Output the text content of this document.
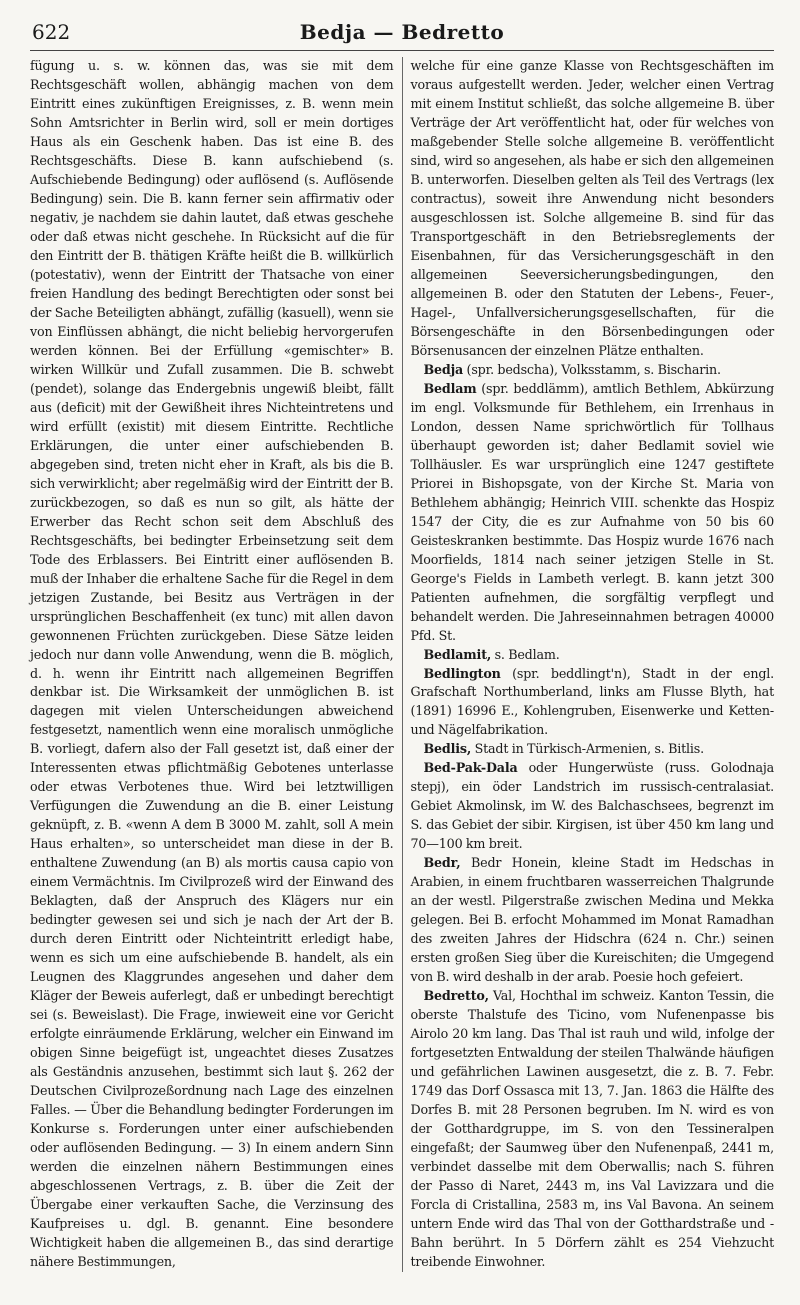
622	Bedja — Bedretto

fügung u. s. w. können das, was sie mit dem Rechtsgeschäft wollen, abhängig machen von dem Eintritt eines zukünftigen Ereignisses, z. B. wenn mein Sohn Amtsrichter in Berlin wird, soll er mein dortiges Haus als ein Geschenk haben. Das ist eine B. des Rechtsgeschäfts. Diese B. kann aufschiebend (s. Aufschiebende Bedingung) oder auflösend (s. Auflösende Bedingung) sein. Die B. kann ferner sein affirmativ oder negativ, je nachdem sie dahin lautet, daß etwas geschehe oder daß etwas nicht geschehe. In Rücksicht auf die für den Eintritt der B. thätigen Kräfte heißt die B. willkürlich (potestativ), wenn der Eintritt der Thatsache von einer freien Handlung des bedingt Berechtigten oder sonst bei der Sache Beteiligten abhängt, zufällig (kasuell), wenn sie von Einflüssen abhängt, die nicht beliebig hervorgerufen werden können. Bei der Erfüllung «gemischter» B. wirken Willkür und Zufall zusammen. Die B. schwebt (pendet), solange das Endergebnis ungewiß bleibt, fällt aus (deficit) mit der Gewißheit ihres Nichteintretens und wird erfüllt (existit) mit diesem Eintritte. Rechtliche Erklärungen, die unter einer aufschiebenden B. abgegeben sind, treten nicht eher in Kraft, als bis die B. sich verwirklicht; aber regelmäßig wird der Eintritt der B. zurückbezogen, so daß es nun so gilt, als hätte der Erwerber das Recht schon seit dem Abschluß des Rechtsgeschäfts, bei bedingter Erbeinsetzung seit dem Tode des Erblassers. Bei Eintritt einer auflösenden B. muß der Inhaber die erhaltene Sache für die Regel in dem jetzigen Zustande, bei Besitz aus Verträgen in der ursprünglichen Beschaffenheit (ex tunc) mit allen davon gewonnenen Früchten zurückgeben. Diese Sätze leiden jedoch nur dann volle Anwendung, wenn die B. möglich, d. h. wenn ihr Eintritt nach allgemeinen Begriffen denkbar ist. Die Wirksamkeit der unmöglichen B. ist dagegen mit vielen Unterscheidungen abweichend festgesetzt, namentlich wenn eine moralisch unmögliche B. vorliegt, dafern also der Fall gesetzt ist, daß einer der Interessenten etwas pflichtmäßig Gebotenes unterlasse oder etwas Verbotenes thue. Wird bei letztwilligen Verfügungen die Zuwendung an die B. einer Leistung geknüpft, z. B. «wenn A dem B 3000 M. zahlt, soll A mein Haus erhalten», so unterscheidet man diese in der B. enthaltene Zuwendung (an B) als mortis causa capio von einem Vermächtnis. Im Civilprozeß wird der Einwand des Beklagten, daß der Anspruch des Klägers nur ein bedingter gewesen sei und sich je nach der Art der B. durch deren Eintritt oder Nichteintritt erledigt habe, wenn es sich um eine aufschiebende B. handelt, als ein Leugnen des Klaggrundes angesehen und daher dem Kläger der Beweis auferlegt, daß er unbedingt berechtigt sei (s. Beweislast). Die Frage, inwieweit eine vor Gericht erfolgte einräumende Erklärung, welcher ein Einwand im obigen Sinne beigefügt ist, ungeachtet dieses Zusatzes als Geständnis anzusehen, bestimmt sich laut §. 262 der Deutschen Civilprozeßordnung nach Lage des einzelnen Falles. — Über die Behandlung bedingter Forderungen im Konkurse s. Forderungen unter einer aufschiebenden oder auflösenden Bedingung. — 3) In einem andern Sinn werden die einzelnen nähern Bestimmungen eines abgeschlossenen Vertrags, z. B. über die Zeit der Übergabe einer verkauften Sache, die Verzinsung des Kaufpreises u. dgl. B. genannt. Eine besondere Wichtigkeit haben die allgemeinen B., das sind derartige nähere Bestimmungen,

welche für eine ganze Klasse von Rechtsgeschäften im voraus aufgestellt werden. Jeder, welcher einen Vertrag mit einem Institut schließt, das solche allgemeine B. über Verträge der Art veröffentlicht hat, oder für welches von maßgebender Stelle solche allgemeine B. veröffentlicht sind, wird so angesehen, als habe er sich den allgemeinen B. unterworfen. Dieselben gelten als Teil des Vertrags (lex contractus), soweit ihre Anwendung nicht besonders ausgeschlossen ist. Solche allgemeine B. sind für das Transportgeschäft in den Betriebsreglements der Eisenbahnen, für das Versicherungsgeschäft in den allgemeinen Seeversicherungsbedingungen, den allgemeinen B. oder den Statuten der Lebens-, Feuer-, Hagel-, Unfallversicherungsgesellschaften, für die Börsengeschäfte in den Börsenbedingungen oder Börsenusancen der einzelnen Plätze enthalten.

Bedja (spr. bedscha), Volksstamm, s. Bischarin.

Bedlam (spr. beddlämm), amtlich Bethlem, Abkürzung im engl. Volksmunde für Bethlehem, ein Irrenhaus in London, dessen Name sprichwörtlich für Tollhaus überhaupt geworden ist; daher Bedlamit soviel wie Tollhäusler. Es war ursprünglich eine 1247 gestiftete Priorei in Bishopsgate, von der Kirche St. Maria von Bethlehem abhängig; Heinrich VIII. schenkte das Hospiz 1547 der City, die es zur Aufnahme von 50 bis 60 Geisteskranken bestimmte. Das Hospiz wurde 1676 nach Moorfields, 1814 nach seiner jetzigen Stelle in St. George's Fields in Lambeth verlegt. B. kann jetzt 300 Patienten aufnehmen, die sorgfältig verpflegt und behandelt werden. Die Jahreseinnahmen betragen 40000 Pfd. St.

Bedlamit, s. Bedlam.

Bedlington (spr. beddlingt'n), Stadt in der engl. Grafschaft Northumberland, links am Flusse Blyth, hat (1891) 16996 E., Kohlengruben, Eisenwerke und Ketten- und Nägelfabrikation.

Bedlis, Stadt in Türkisch-Armenien, s. Bitlis.

Bed-Pak-Dala oder Hungerwüste (russ. Golodnaja stepj), ein öder Landstrich im russisch-centralasiat. Gebiet Akmolinsk, im W. des Balchaschsees, begrenzt im S. das Gebiet der sibir. Kirgisen, ist über 450 km lang und 70—100 km breit.

Bedr, Bedr Honein, kleine Stadt im Hedschas in Arabien, in einem fruchtbaren wasserreichen Thalgrunde an der westl. Pilgerstraße zwischen Medina und Mekka gelegen. Bei B. erfocht Mohammed im Monat Ramadhan des zweiten Jahres der Hidschra (624 n. Chr.) seinen ersten großen Sieg über die Kureischiten; die Umgegend von B. wird deshalb in der arab. Poesie hoch gefeiert.

Bedretto, Val, Hochthal im schweiz. Kanton Tessin, die oberste Thalstufe des Ticino, vom Nufenenpasse bis Airolo 20 km lang. Das Thal ist rauh und wild, infolge der fortgesetzten Entwaldung der steilen Thalwände häufigen und gefährlichen Lawinen ausgesetzt, die z. B. 7. Febr. 1749 das Dorf Ossasca mit 13, 7. Jan. 1863 die Hälfte des Dorfes B. mit 28 Personen begruben. Im N. wird es von der Gotthardgruppe, im S. von den Tessineralpen eingefaßt; der Saumweg über den Nufenenpaß, 2441 m, verbindet dasselbe mit dem Oberwallis; nach S. führen der Passo di Naret, 2443 m, ins Val Lavizzara und die Forcla di Cristallina, 2583 m, ins Val Bavona. An seinem untern Ende wird das Thal von der Gotthardstraße und -Bahn berührt. In 5 Dörfern zählt es 254 Viehzucht treibende Einwohner.
